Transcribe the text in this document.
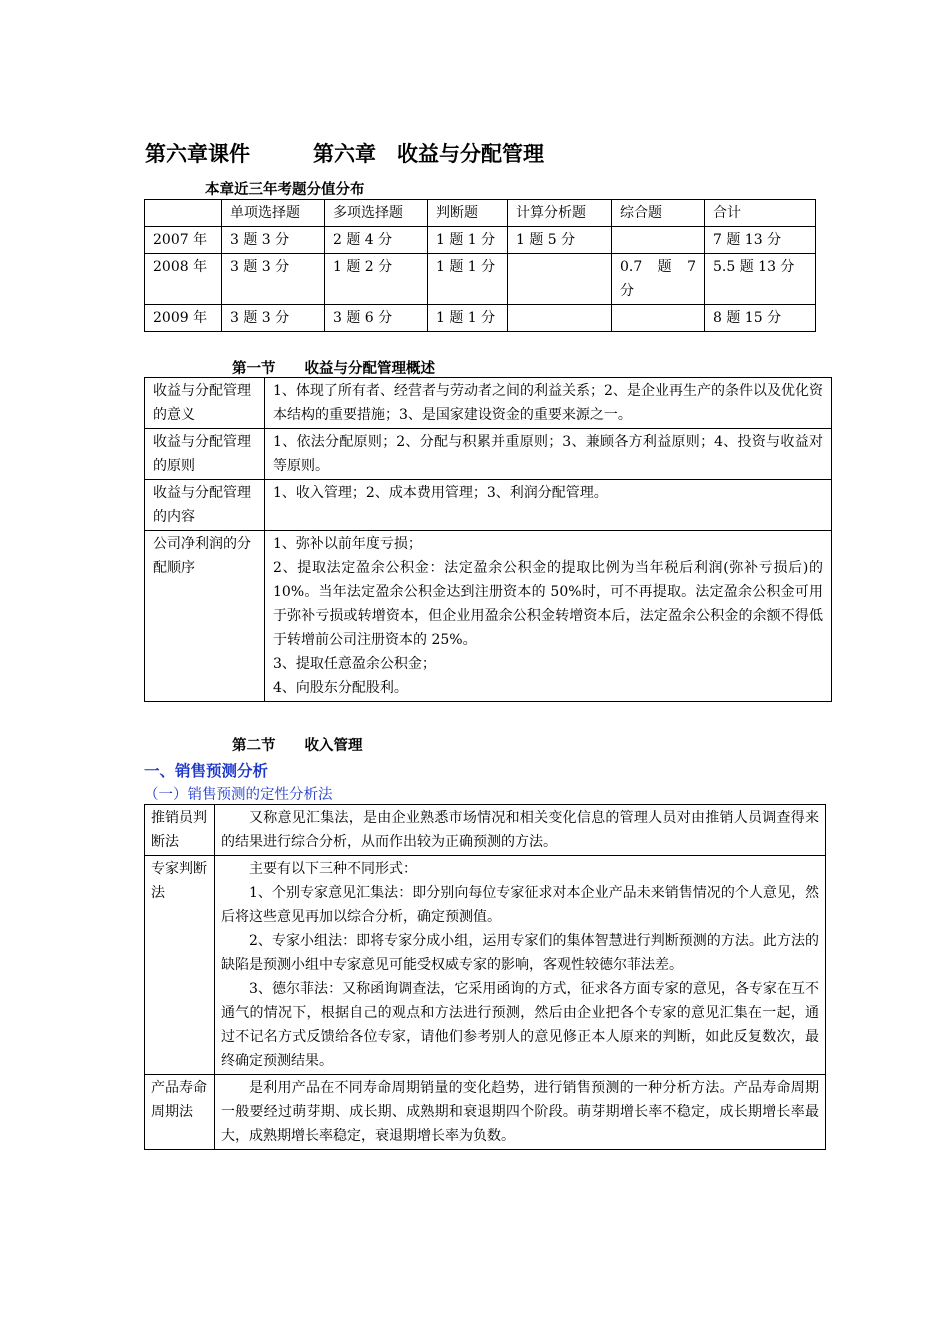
第六章课件　　　第六章　收益与分配管理
本章近三年考题分值分布
	单项选择题	多项选择题	判断题	计算分析题	综合题	合计
2007 年	3 题 3 分	2 题 4 分	1 题 1 分	1 题 5 分		7 题 13 分
2008 年	3 题 3 分	1 题 2 分	1 题 1 分		0.7　题　7 分	5.5 题 13 分
2009 年	3 题 3 分	3 题 6 分	1 题 1 分			8 题 15 分
第一节　　收益与分配管理概述
收益与分配管理的意义	1、体现了所有者、经营者与劳动者之间的利益关系；2、是企业再生产的条件以及优化资本结构的重要措施；3、是国家建设资金的重要来源之一。
收益与分配管理的原则	1、依法分配原则；2、分配与积累并重原则；3、兼顾各方利益原则；4、投资与收益对等原则。
收益与分配管理的内容	1、收入管理；2、成本费用管理；3、利润分配管理。
公司净利润的分配顺序	1、弥补以前年度亏损；
2、提取法定盈余公积金：法定盈余公积金的提取比例为当年税后利润(弥补亏损后)的 10%。当年法定盈余公积金达到注册资本的 50%时，可不再提取。法定盈余公积金可用于弥补亏损或转增资本，但企业用盈余公积金转增资本后，法定盈余公积金的余额不得低于转增前公司注册资本的 25%。
3、提取任意盈余公积金；
4、向股东分配股利。
第二节　　收入管理
一、销售预测分析
（一）销售预测的定性分析法
推销员判断法	又称意见汇集法，是由企业熟悉市场情况和相关变化信息的管理人员对由推销人员调查得来的结果进行综合分析，从而作出较为正确预测的方法。

专家判断法	主要有以下三种不同形式：

1、个别专家意见汇集法：即分别向每位专家征求对本企业产品未来销售情况的个人意见，然后将这些意见再加以综合分析，确定预测值。

2、专家小组法：即将专家分成小组，运用专家们的集体智慧进行判断预测的方法。此方法的缺陷是预测小组中专家意见可能受权威专家的影响，客观性较德尔菲法差。

3、德尔菲法：又称函询调查法，它采用函询的方式，征求各方面专家的意见，各专家在互不通气的情况下，根据自己的观点和方法进行预测，然后由企业把各个专家的意见汇集在一起，通过不记名方式反馈给各位专家，请他们参考别人的意见修正本人原来的判断，如此反复数次，最终确定预测结果。

产品寿命周期法	是利用产品在不同寿命周期销量的变化趋势，进行销售预测的一种分析方法。产品寿命周期一般要经过萌芽期、成长期、成熟期和衰退期四个阶段。萌芽期增长率不稳定，成长期增长率最大，成熟期增长率稳定，衰退期增长率为负数。
